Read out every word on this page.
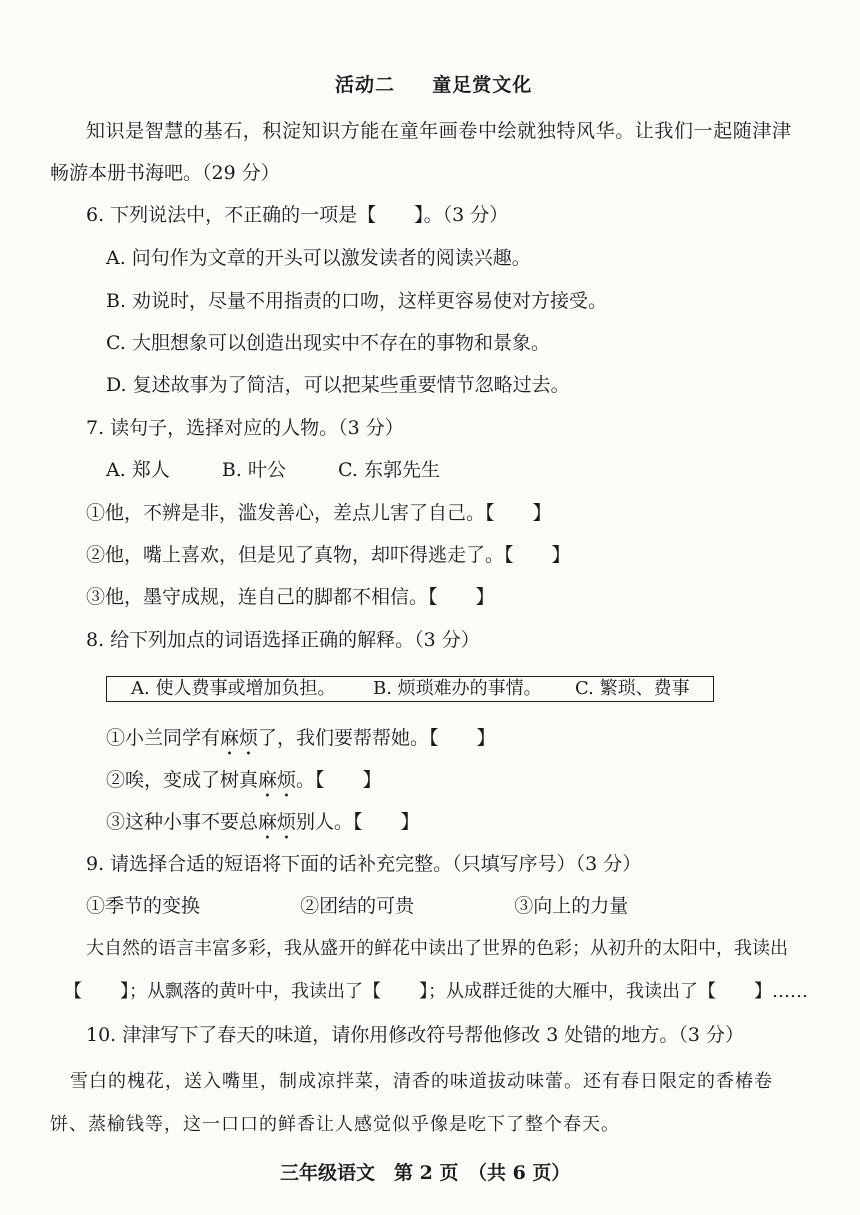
活动二 童足赏文化
知识是智慧的基石，积淀知识方能在童年画卷中绘就独特风华。让我们一起随津津
畅游本册书海吧。（29 分）
6. 下列说法中，不正确的一项是【 】。（3 分）
A. 问句作为文章的开头可以激发读者的阅读兴趣。
B. 劝说时，尽量不用指责的口吻，这样更容易使对方接受。
C. 大胆想象可以创造出现实中不存在的事物和景象。
D. 复述故事为了简洁，可以把某些重要情节忽略过去。
7. 读句子，选择对应的人物。（3 分）
A. 郑人	B. 叶公	C. 东郭先生
①他，不辨是非，滥发善心，差点儿害了自己。【 】
②他，嘴上喜欢，但是见了真物，却吓得逃走了。【 】
③他，墨守成规，连自己的脚都不相信。【 】
8. 给下列加点的词语选择正确的解释。（3 分）
A. 使人费事或增加负担。 B. 烦琐难办的事情。 C. 繁琐、费事
①小兰同学有麻烦了，我们要帮帮她。【 】
②唉，变成了树真麻烦。【 】
③这种小事不要总麻烦别人。【 】
9. 请选择合适的短语将下面的话补充完整。（只填写序号）（3 分）
①季节的变换	②团结的可贵	③向上的力量
大自然的语言丰富多彩，我从盛开的鲜花中读出了世界的色彩；从初升的太阳中，我读出
【 】；从飘落的黄叶中，我读出了【 】；从成群迁徙的大雁中，我读出了【 】……
10. 津津写下了春天的味道，请你用修改符号帮他修改 3 处错的地方。（3 分）
雪白的槐花，送入嘴里，制成凉拌菜，清香的味道拔动味蕾。还有春日限定的香椿卷
饼、蒸榆钱等，这一口口的鲜香让人感觉似乎像是吃下了整个春天。
三年级语文　第 2 页　（共 6 页）
